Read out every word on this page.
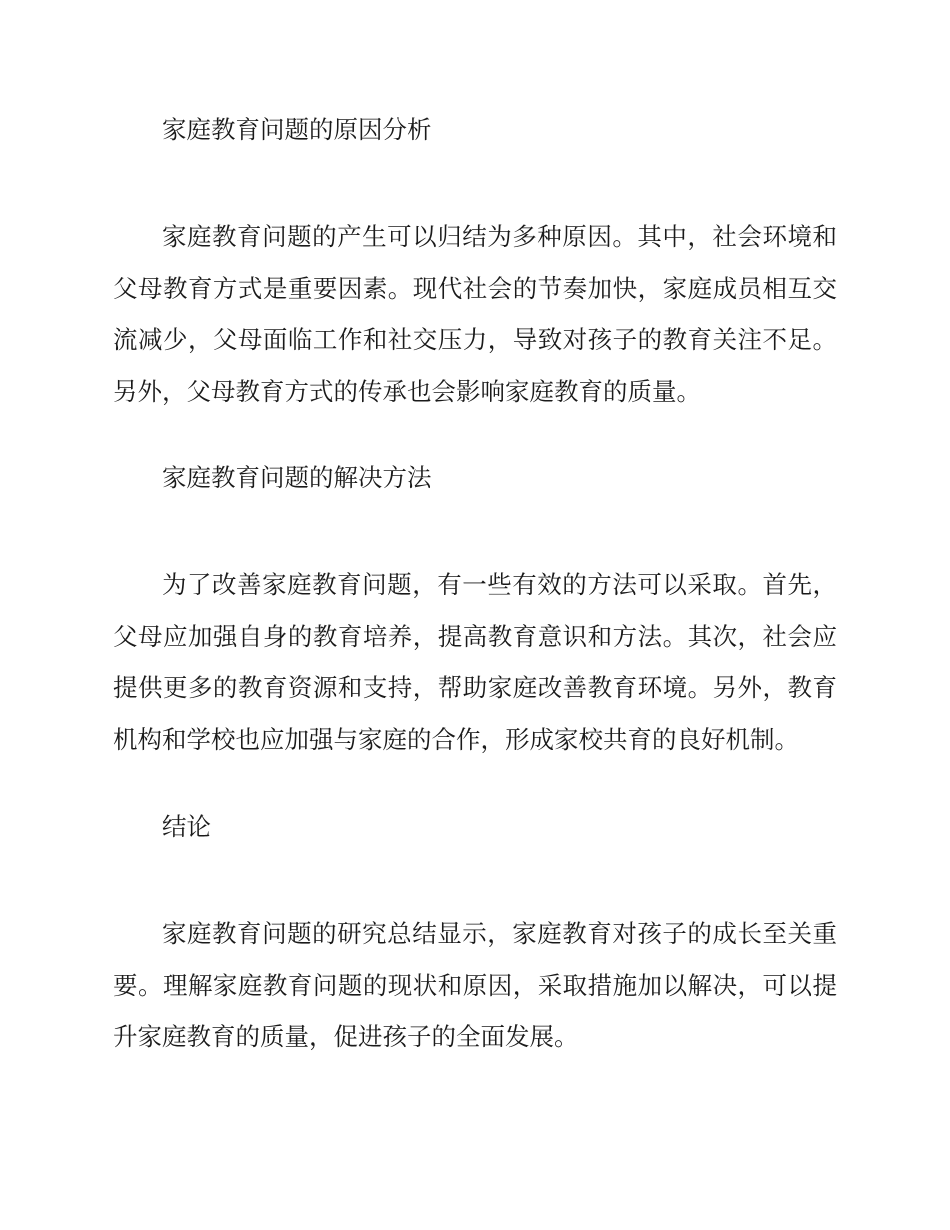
家庭教育问题的原因分析

家庭教育问题的产生可以归结为多种原因。其中，社会环境和父母教育方式是重要因素。现代社会的节奏加快，家庭成员相互交流减少，父母面临工作和社交压力，导致对孩子的教育关注不足。另外，父母教育方式的传承也会影响家庭教育的质量。

家庭教育问题的解决方法

为了改善家庭教育问题，有一些有效的方法可以采取。首先，父母应加强自身的教育培养，提高教育意识和方法。其次，社会应提供更多的教育资源和支持，帮助家庭改善教育环境。另外，教育机构和学校也应加强与家庭的合作，形成家校共育的良好机制。

结论

家庭教育问题的研究总结显示，家庭教育对孩子的成长至关重要。理解家庭教育问题的现状和原因，采取措施加以解决，可以提升家庭教育的质量，促进孩子的全面发展。
